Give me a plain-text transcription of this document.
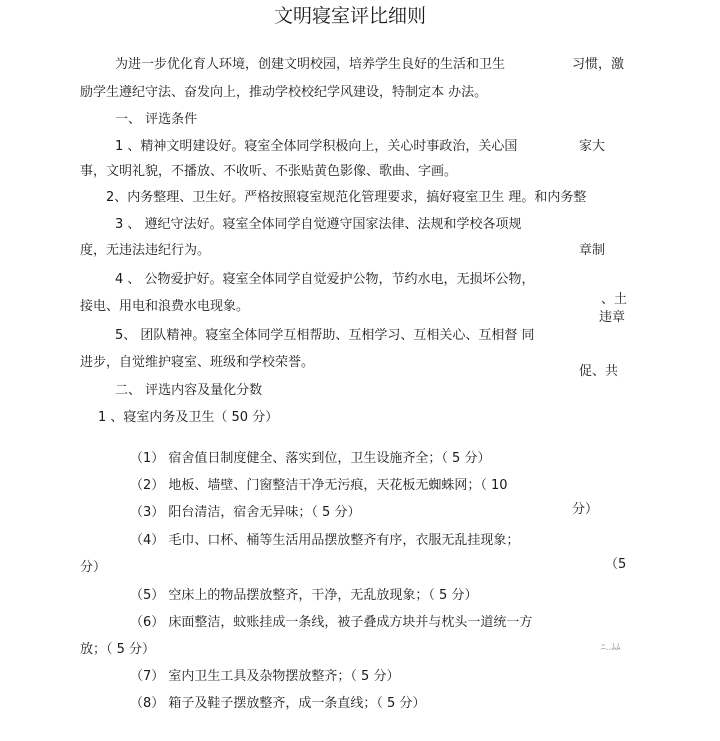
文明寝室评比细则
为进一步优化育人环境，创建文明校园，培养学生良好的生活和卫生	习惯，激
励学生遵纪守法、奋发向上，推动学校校纪学风建设，特制定本 办法。
一、 评选条件
1 、精神文明建设好。寝室全体同学积极向上，关心时事政治，关心国	家大
事，文明礼貌，不播放、不收听、不张贴黄色影像、歌曲、字画。
2、内务整理、卫生好。严格按照寝室规范化管理要求，搞好寝室卫生 理。和内务整
3 、 遵纪守法好。寝室全体同学自觉遵守国家法律、法规和学校各项规
度，无违法违纪行为。	章制
4 、 公物爱护好。寝室全体同学自觉爱护公物，节约水电，无损坏公物，
、土
接电、用电和浪费水电现象。
违章
5、 团队精神。寝室全体同学互相帮助、互相学习、互相关心、互相督 同
进步，自觉维护寝室、班级和学校荣誉。
促、共
二、 评选内容及量化分数
1 、寝室内务及卫生（ 50 分）
（1） 宿舍值日制度健全、落实到位，卫生设施齐全；（ 5 分）
（2） 地板、墙壁、门窗整洁干净无污痕，天花板无蜘蛛网；（ 10
（3） 阳台清洁，宿舍无异味；（ 5 分）	分）
（4） 毛巾、口杯、桶等生活用品摆放整齐有序，衣服无乱挂现象；
（5
分）
（5） 空床上的物品摆放整齐，干净，无乱放现象；（ 5 分）
（6） 床面整洁，蚊账挂成一条线，被子叠成方块并与枕头一道统一方
ﾆ‥ﾑﾑ
放；（ 5 分）
（7） 室内卫生工具及杂物摆放整齐；（ 5 分）
（8） 箱子及鞋子摆放整齐，成一条直线；（ 5 分）
